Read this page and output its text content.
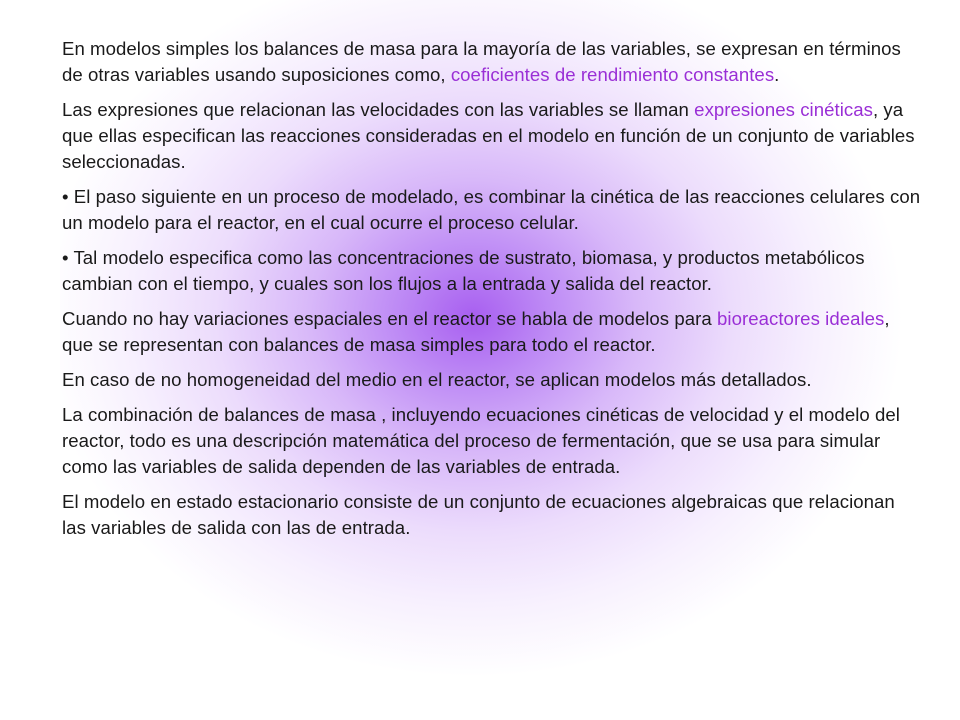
En modelos simples los balances de masa para la mayoría de las variables, se expresan en términos de otras variables usando suposiciones como, coeficientes de rendimiento constantes.

Las expresiones que relacionan las velocidades con las variables se llaman expresiones cinéticas, ya que ellas especifican las reacciones consideradas en el modelo en función de un conjunto de variables seleccionadas.

• El paso siguiente en un proceso de modelado, es combinar la cinética de las reacciones celulares con un modelo para el reactor, en el cual ocurre el proceso celular.

• Tal modelo especifica como las concentraciones de sustrato, biomasa, y productos metabólicos cambian con el tiempo, y cuales son los flujos a la entrada y salida del reactor.

Cuando no hay variaciones espaciales en el reactor se habla de modelos para bioreactores ideales, que se representan con balances de masa simples para todo el reactor.

En caso de no homogeneidad del medio en el reactor, se aplican modelos más detallados.

La combinación de balances de masa , incluyendo ecuaciones cinéticas de velocidad y el modelo del reactor, todo es una descripción matemática del proceso de fermentación, que se usa para simular como las variables de salida dependen de las variables de entrada.

El modelo en estado estacionario consiste de un conjunto de ecuaciones algebraicas que relacionan las variables de salida con las de entrada.
